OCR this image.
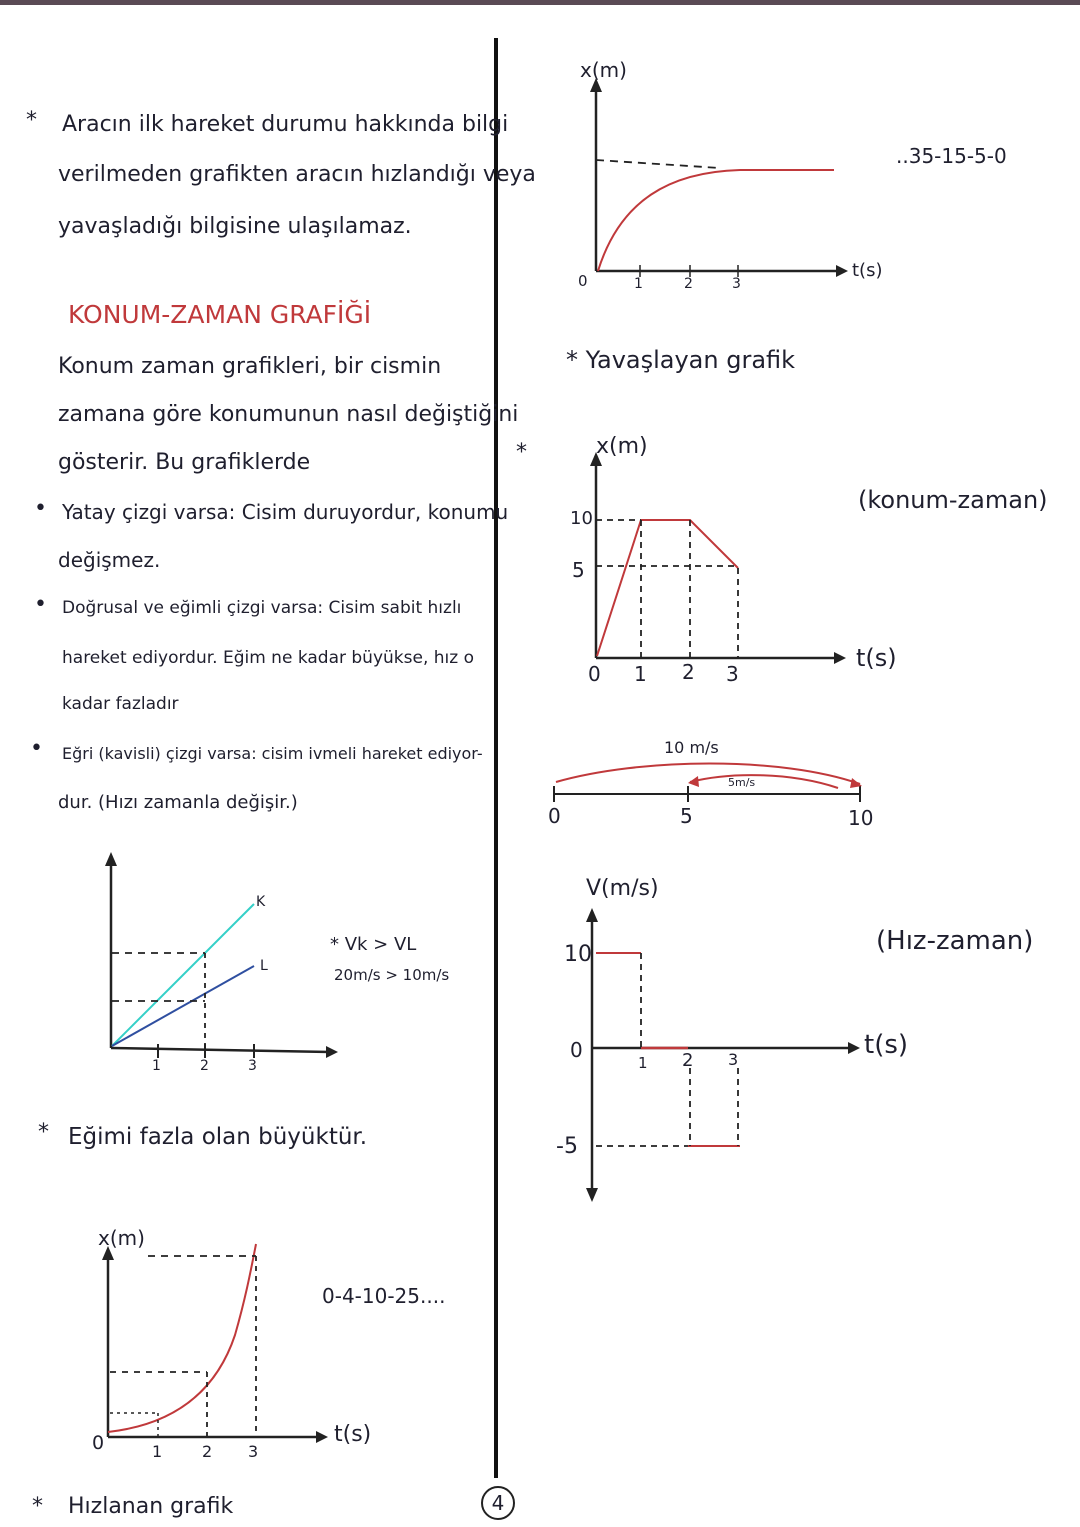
* Aracın ilk hareket durumu hakkında bilgi
verilmeden grafikten aracın hızlandığı veya
yavaşladığı bilgisine ulaşılamaz.
KONUM-ZAMAN GRAFİĞİ
Konum zaman grafikleri, bir cismin
zamana göre konumunun nasıl değiştiğini
gösterir. Bu grafiklerde
• Yatay çizgi varsa: Cisim duruyordur, konumu
değişmez.
• Doğrusal ve eğimli çizgi varsa: Cisim sabit hızlı
hareket ediyordur. Eğim ne kadar büyükse, hız o
kadar fazladır
• Eğri (kavisli) çizgi varsa: cisim ivmeli hareket ediyor-
dur. (Hızı zamanla değişir.)
1	2	3
K
L
* Vk > VL
20m/s > 10m/s
* Eğimi fazla olan büyüktür.
x(m)
t(s)
0	1 2 3
0-4-10-25....
* Hızlanan grafik
x(m)
t(s)
0	1	2	3
..35-15-5-0
* Yavaşlayan grafik
*	x(m)
10
5
0 1 2 3
t(s)
(konum-zaman)
0	5	10
10 m/s
5m/s
V(m/s)
10
0
-5
1 2 3	t(s)
(Hız-zaman)
4
